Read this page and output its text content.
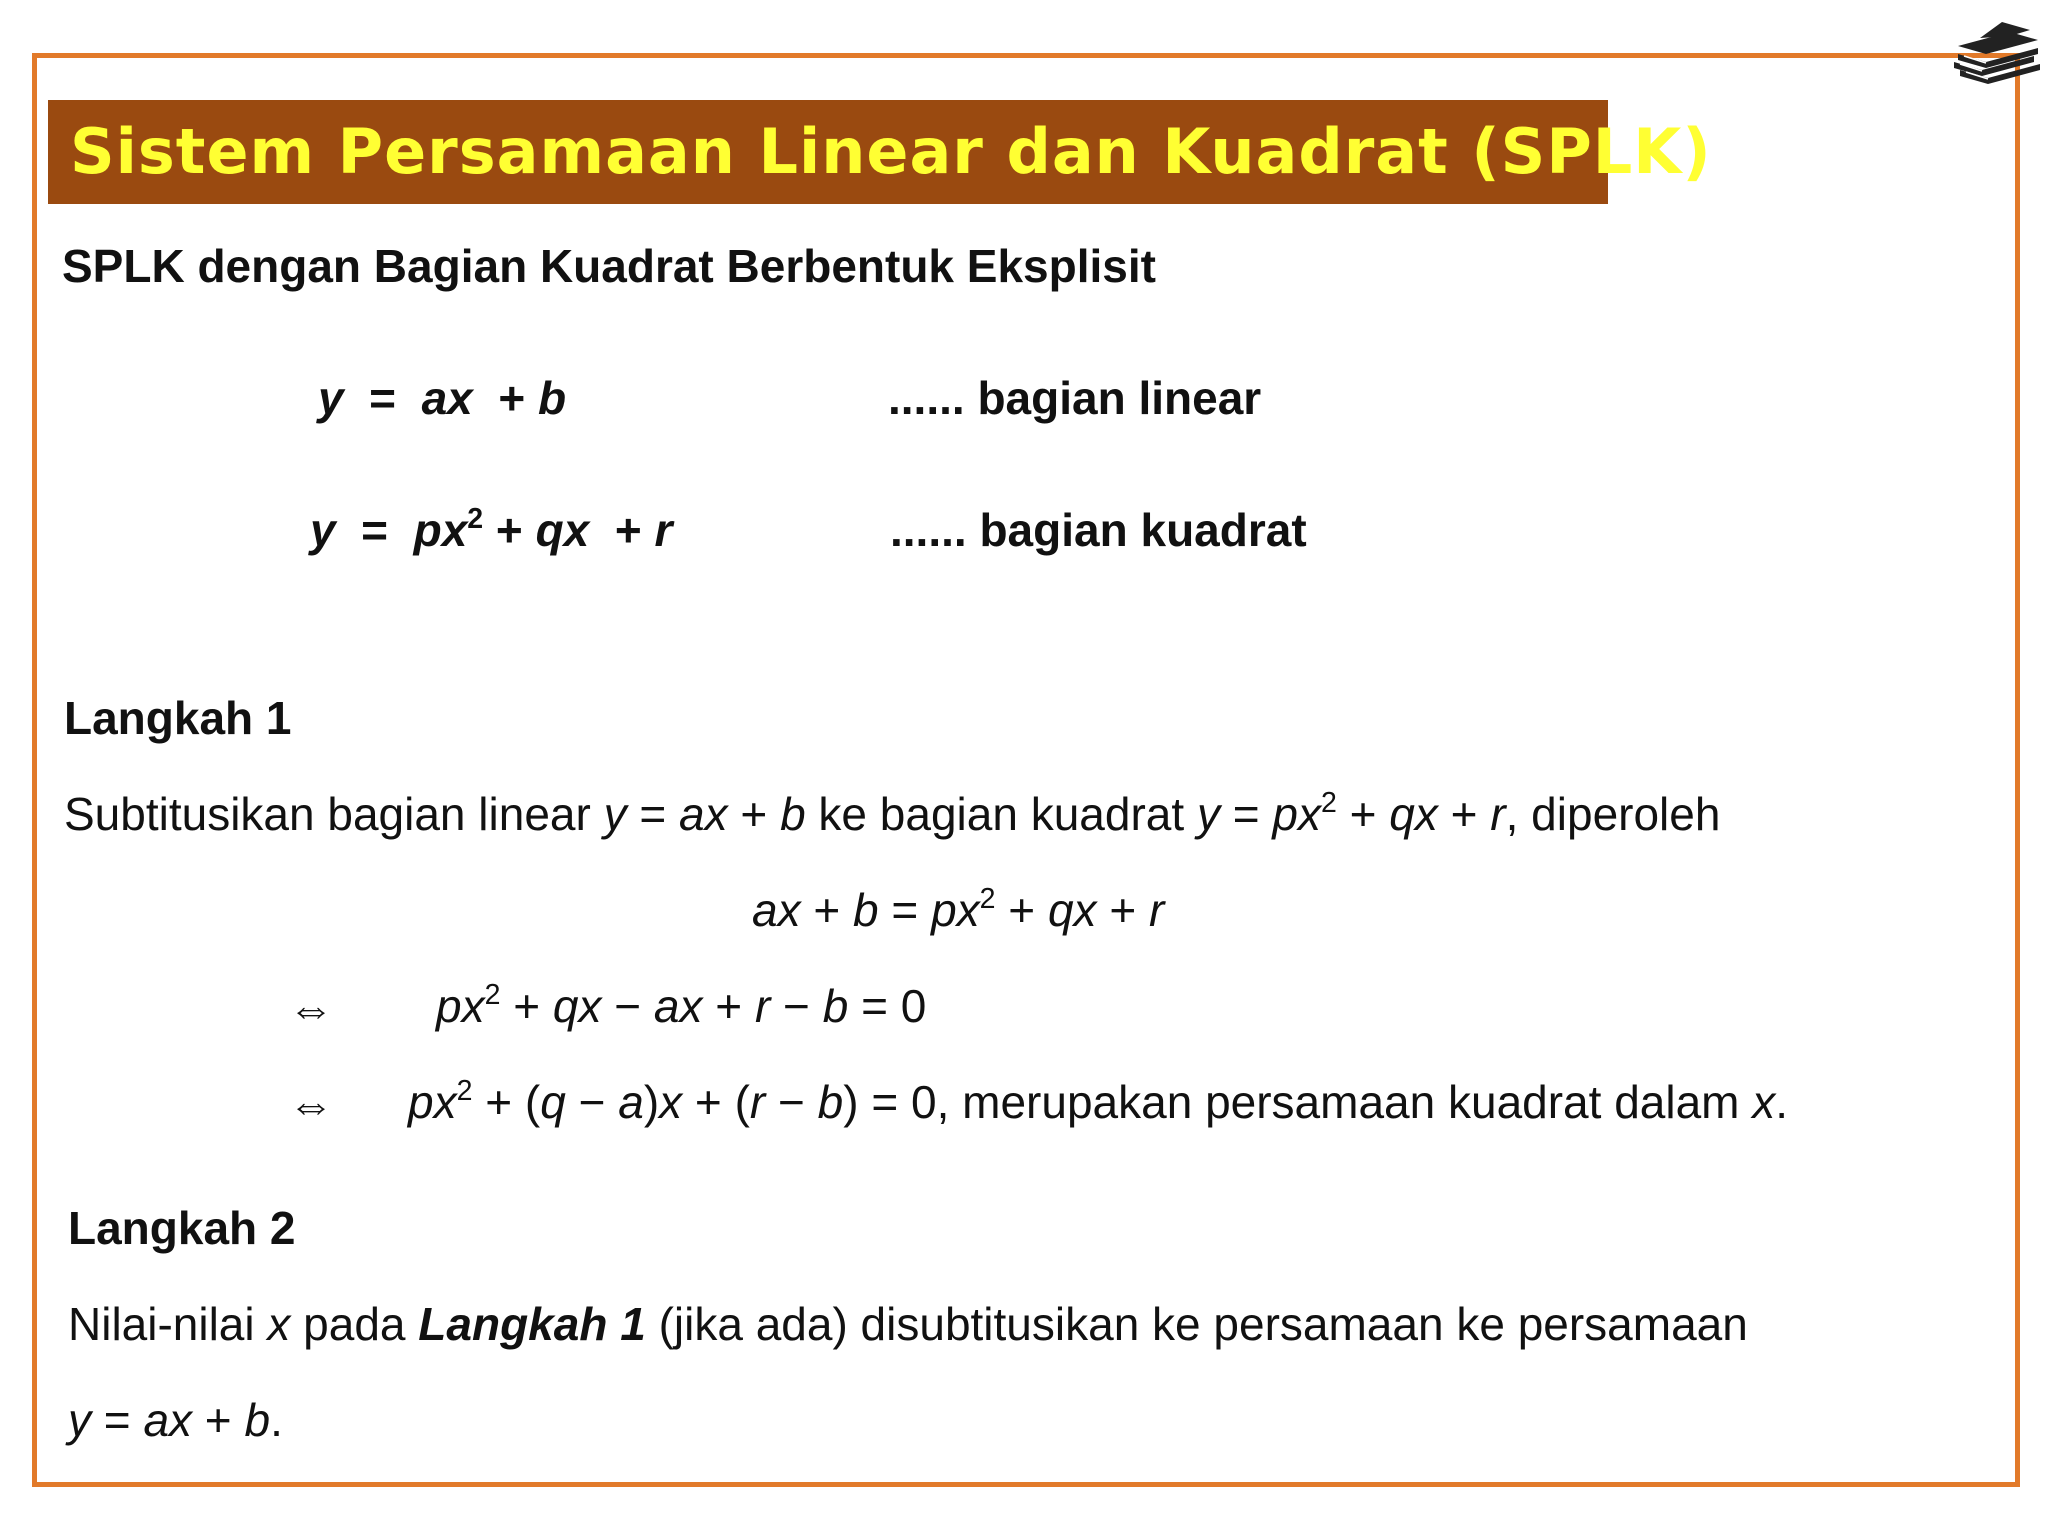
Sistem Persamaan Linear dan Kuadrat (SPLK)
SPLK dengan Bagian Kuadrat Berbentuk Eksplisit
y = ax + b	...... bagian linear
$y = px^2$ + qx + r	...... bagian kuadrat
Langkah 1
Subtitusikan bagian linear y = ax + b ke bagian kuadrat $y = px^2$ + qx + r, diperoleh
ax + $b = px^2$ + qx + r
⇔ $px^2$ + qx − ax + r − b = 0
⇔ $px^2 + (q - a)x + (r - b) = 0$, merupakan persamaan kuadrat dalam x.
Langkah 2
Nilai-nilai x pada Langkah 1 (jika ada) disubtitusikan ke persamaan ke persamaan
y = ax + b.
